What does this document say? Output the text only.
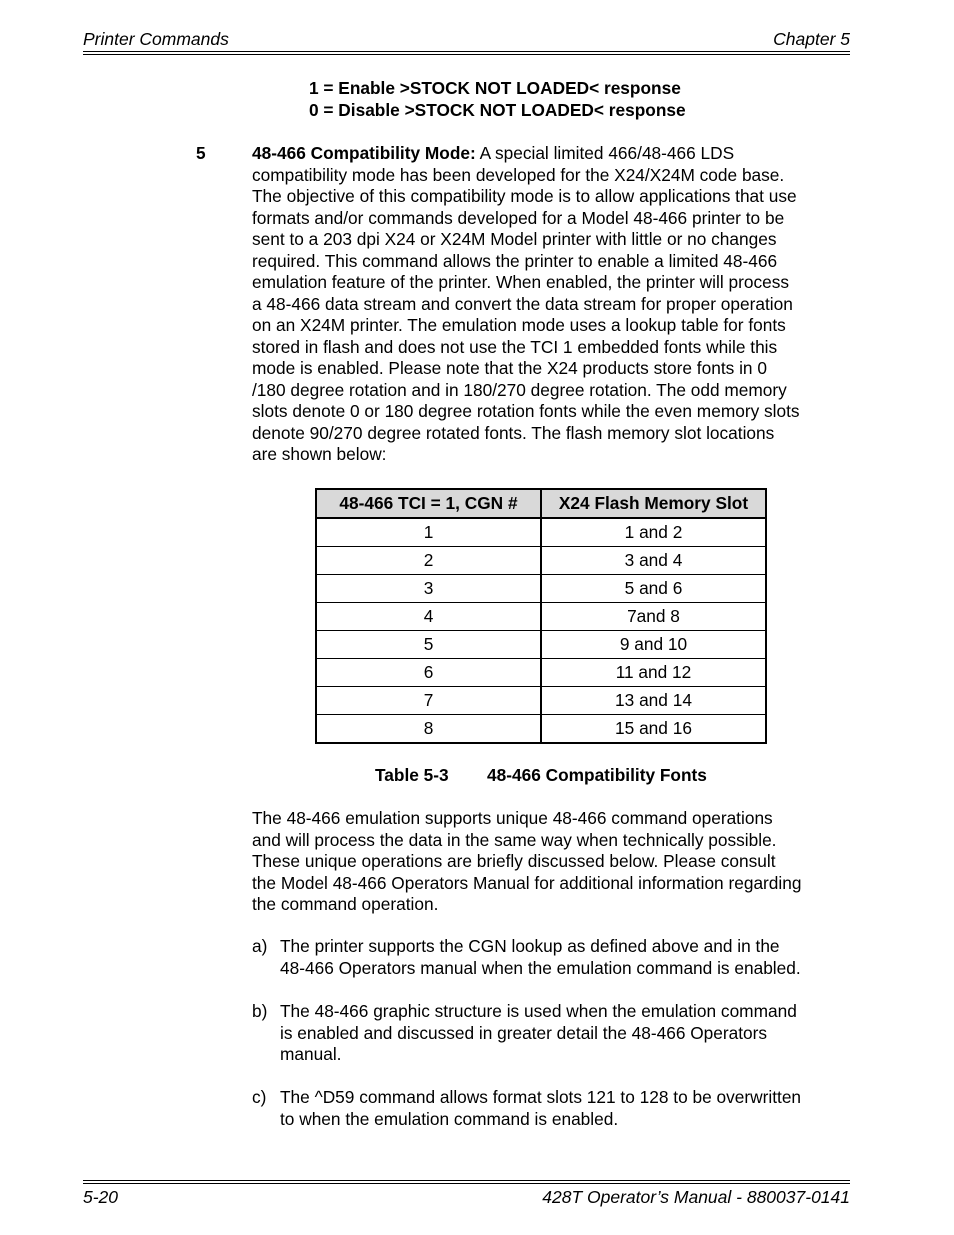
Printer Commands	Chapter 5
1 = Enable >STOCK NOT LOADED< response
0 = Disable >STOCK NOT LOADED< response
5	48-466 Compatibility Mode: A special limited 466/48-466 LDS

compatibility mode has been developed for the X24/X24M code base.

The objective of this compatibility mode is to allow applications that use

formats and/or commands developed for a Model 48-466 printer to be

sent to a 203 dpi X24 or X24M Model printer with little or no changes

required. This command allows the printer to enable a limited 48-466

emulation feature of the printer. When enabled, the printer will process

a 48-466 data stream and convert the data stream for proper operation

on an X24M printer. The emulation mode uses a lookup table for fonts

stored in flash and does not use the TCI 1 embedded fonts while this

mode is enabled. Please note that the X24 products store fonts in 0

/180 degree rotation and in 180/270 degree rotation. The odd memory

slots denote 0 or 180 degree rotation fonts while the even memory slots

denote 90/270 degree rotated fonts. The flash memory slot locations

are shown below:

48-466 TCI = 1, CGN #	X24 Flash Memory Slot
1	1 and 2
2	3 and 4
3	5 and 6
4	7and 8
5	9 and 10
6	11 and 12
7	13 and 14
8	15 and 16
Table 5-3 48-466 Compatibility Fonts

The 48-466 emulation supports unique 48-466 command operations

and will process the data in the same way when technically possible.

These unique operations are briefly discussed below. Please consult

the Model 48-466 Operators Manual for additional information regarding

the command operation.

a) The printer supports the CGN lookup as defined above and in the
48-466 Operators manual when the emulation command is enabled.
b) The 48-466 graphic structure is used when the emulation command
is enabled and discussed in greater detail the 48-466 Operators
manual.
c) The ^D59 command allows format slots 121 to 128 to be overwritten
to when the emulation command is enabled.
5-20	428T Operator’s Manual - 880037-0141
